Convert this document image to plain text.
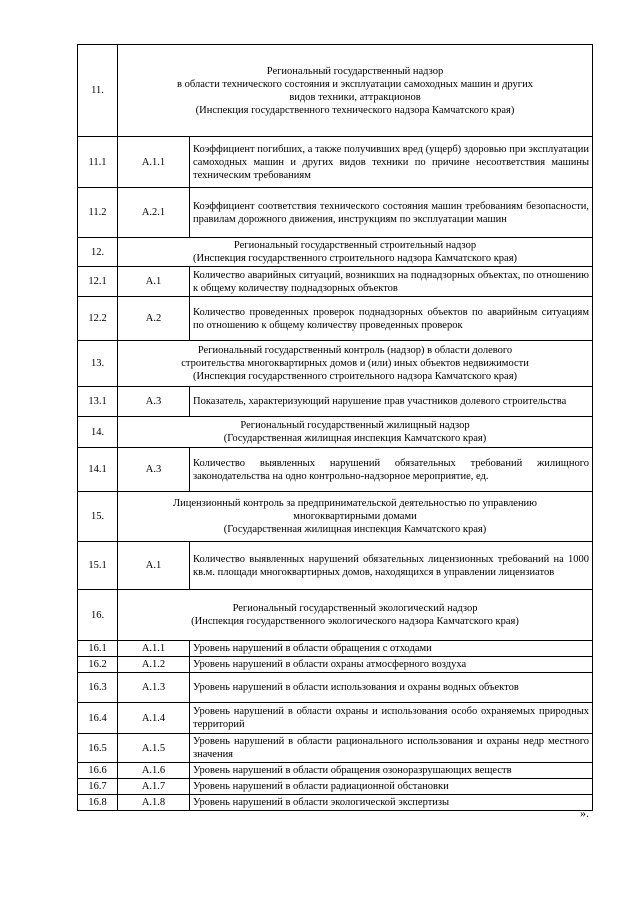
11.	Региональный государственный надзор
в области технического состояния и эксплуатации самоходных машин и других
видов техники, аттракционов
(Инспекция государственного технического надзора Камчатского края)	

11.1	А.1.1	Коэффициент погибших, а также получивших вред (ущерб) здоровью при эксплуатации самоходных машин и других видов техники по причине несоответствия машины техническим требованиям
11.2	А.2.1	Коэффициент соответствия технического состояния машин требованиям безопасности, правилам дорожного движения, инструкциям по эксплуатации машин
12.	Региональный государственный строительный надзор
(Инспекция государственного строительного надзора Камчатского края)	

12.1	А.1	Количество аварийных ситуаций, возникших на поднадзорных объектах, по отношению к общему количеству поднадзорных объектов
12.2	А.2	Количество проведенных проверок поднадзорных объектов по аварийным ситуациям по отношению к общему количеству проведенных проверок
13.	Региональный государственный контроль (надзор) в области долевого
строительства многоквартирных домов и (или) иных объектов недвижимости
(Инспекция государственного строительного надзора Камчатского края)	

13.1	А.3	Показатель, характеризующий нарушение прав участников долевого строительства
14.	Региональный государственный жилищный надзор
(Государственная жилищная инспекция Камчатского края)	

14.1	А.3	Количество выявленных нарушений обязательных требований жилищного законодательства на одно контрольно-надзорное мероприятие, ед.
15.	Лицензионный контроль за предпринимательской деятельностью по управлению
многоквартирными домами
(Государственная жилищная инспекция Камчатского края)	

15.1	А.1	Количество выявленных нарушений обязательных лицензионных требований на 1000 кв.м. площади многоквартирных домов, находящихся в управлении лицензиатов
16.	Региональный государственный экологический надзор
(Инспекция государственного экологического надзора Камчатского края)	

16.1	А.1.1	Уровень нарушений в области обращения с отходами
16.2	А.1.2	Уровень нарушений в области охраны атмосферного воздуха
16.3	А.1.3	Уровень нарушений в области использования и охраны водных объектов
16.4	А.1.4	Уровень нарушений в области охраны и использования особо охраняемых природных территорий
16.5	А.1.5	Уровень нарушений в области рационального использования и охраны недр местного значения
16.6	А.1.6	Уровень нарушений в области обращения озоноразрушающих веществ
16.7	А.1.7	Уровень нарушений в области радиационной обстановки
16.8	А.1.8	Уровень нарушений в области экологической экспертизы
».
